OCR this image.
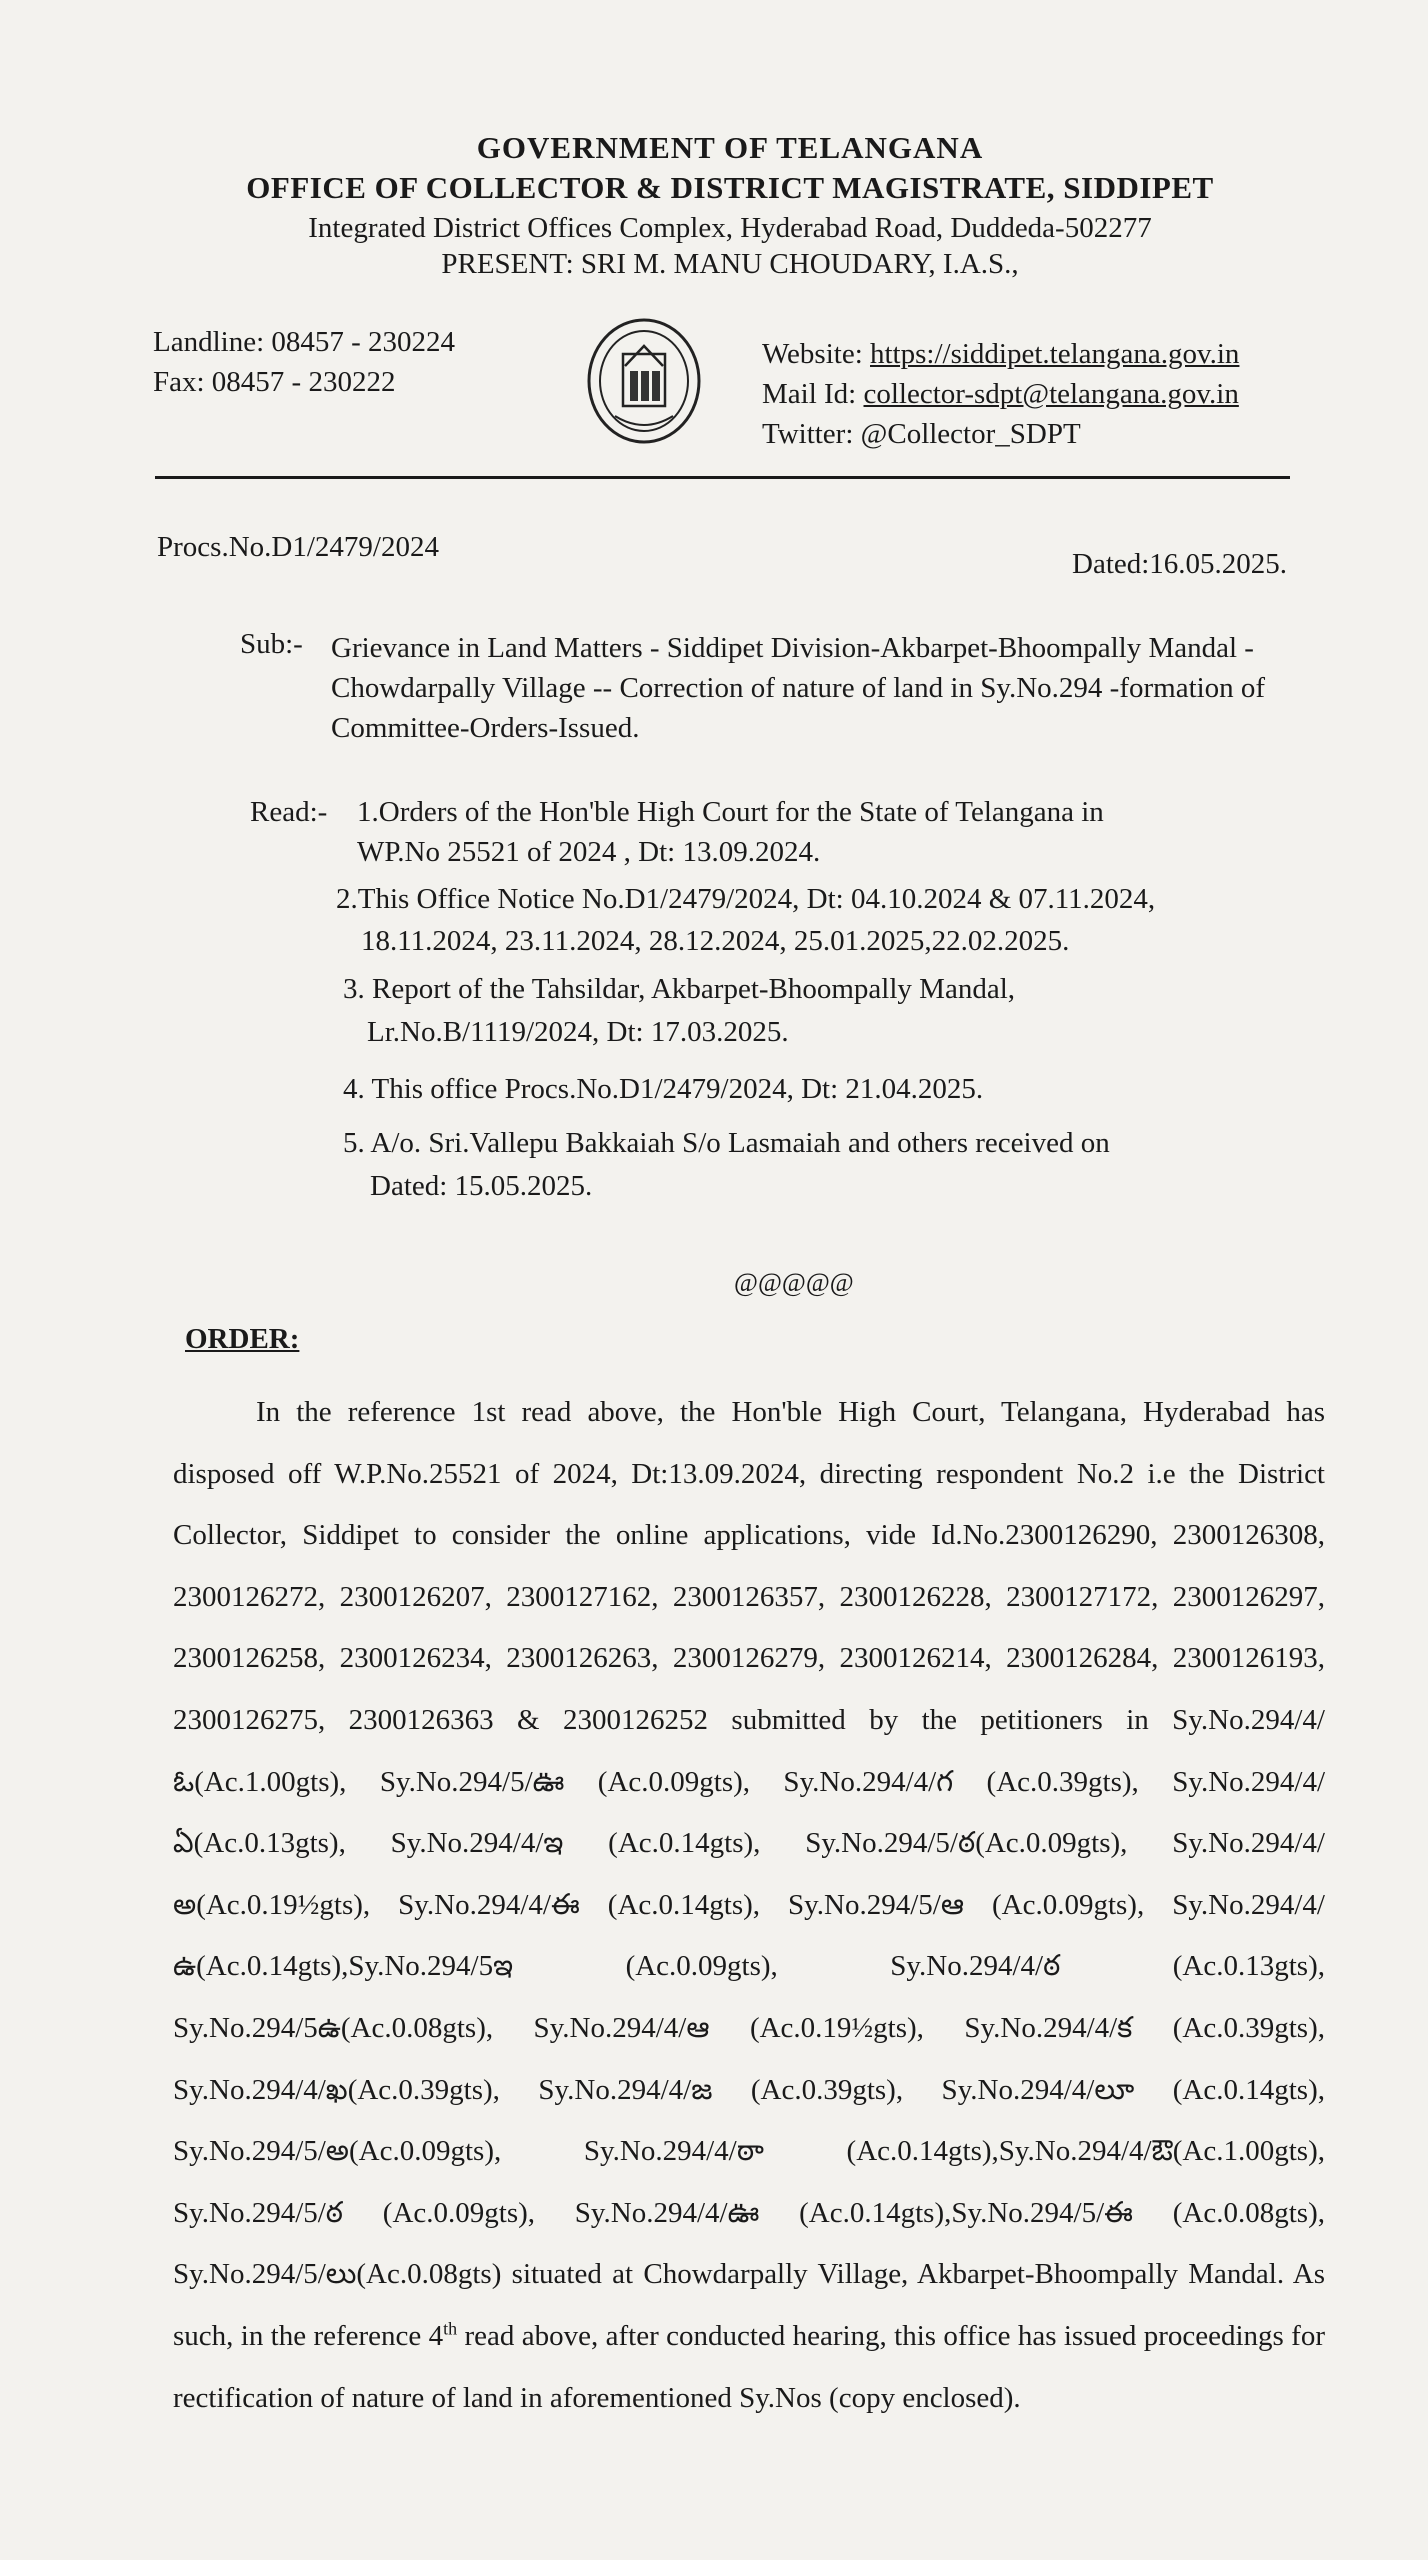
GOVERNMENT OF TELANGANA
OFFICE OF COLLECTOR & DISTRICT MAGISTRATE, SIDDIPET
Integrated District Offices Complex, Hyderabad Road, Duddeda-502277
PRESENT: SRI M. MANU CHOUDARY, I.A.S.,
Landline: 08457 - 230224
Fax: 08457 - 230222
Website: https://siddipet.telangana.gov.in
Mail Id: collector-sdpt@telangana.gov.in
Twitter: @Collector_SDPT
Procs.No.D1/2479/2024
Dated:16.05.2025.
Sub:- Grievance in Land Matters - Siddipet Division-Akbarpet-Bhoompally Mandal - Chowdarpally Village -- Correction of nature of land in Sy.No.294 -formation of Committee-Orders-Issued.
Read:- 1.Orders of the Hon'ble High Court for the State of Telangana in
WP.No 25521 of 2024 , Dt: 13.09.2024.
2.This Office Notice No.D1/2479/2024, Dt: 04.10.2024 & 07.11.2024,
18.11.2024, 23.11.2024, 28.12.2024, 25.01.2025,22.02.2025.
3. Report of the Tahsildar, Akbarpet-Bhoompally Mandal,
Lr.No.B/1119/2024, Dt: 17.03.2025.
4. This office Procs.No.D1/2479/2024, Dt: 21.04.2025.
5. A/o. Sri.Vallepu Bakkaiah S/o Lasmaiah and others received on
Dated: 15.05.2025.
@@@@@
ORDER:
In the reference 1st read above, the Hon'ble High Court, Telangana, Hyderabad has disposed off W.P.No.25521 of 2024, Dt:13.09.2024, directing respondent No.2 i.e the District Collector, Siddipet to consider the online applications, vide Id.No.2300126290, 2300126308, 2300126272, 2300126207, 2300127162, 2300126357, 2300126228, 2300127172, 2300126297, 2300126258, 2300126234, 2300126263, 2300126279, 2300126214, 2300126284, 2300126193, 2300126275, 2300126363 & 2300126252 submitted by the petitioners in Sy.No.294/4/ఓ(Ac.1.00gts), Sy.No.294/5/ఊ (Ac.0.09gts), Sy.No.294/4/గ (Ac.0.39gts), Sy.No.294/4/ఏ(Ac.0.13gts), Sy.No.294/4/ఇ (Ac.0.14gts), Sy.No.294/5/ఠ(Ac.0.09gts), Sy.No.294/4/అ(Ac.0.19½gts), Sy.No.294/4/ఈ (Ac.0.14gts), Sy.No.294/5/ఆ (Ac.0.09gts), Sy.No.294/4/ఉ(Ac.0.14gts),Sy.No.294/5ఇ (Ac.0.09gts), Sy.No.294/4/ఠ (Ac.0.13gts), Sy.No.294/5ఉ(Ac.0.08gts), Sy.No.294/4/ఆ (Ac.0.19½gts), Sy.No.294/4/క (Ac.0.39gts), Sy.No.294/4/ఖ(Ac.0.39gts), Sy.No.294/4/జ (Ac.0.39gts), Sy.No.294/4/లూ (Ac.0.14gts), Sy.No.294/5/అ(Ac.0.09gts), Sy.No.294/4/ఠా (Ac.0.14gts),Sy.No.294/4/ఔ(Ac.1.00gts), Sy.No.294/5/ఠ (Ac.0.09gts), Sy.No.294/4/ఊ (Ac.0.14gts),Sy.No.294/5/ఈ (Ac.0.08gts), Sy.No.294/5/లు(Ac.0.08gts) situated at Chowdarpally Village, Akbarpet-Bhoompally Mandal. As such, in the reference 4th read above, after conducted hearing, this office has issued proceedings for rectification of nature of land in aforementioned Sy.Nos (copy enclosed).
